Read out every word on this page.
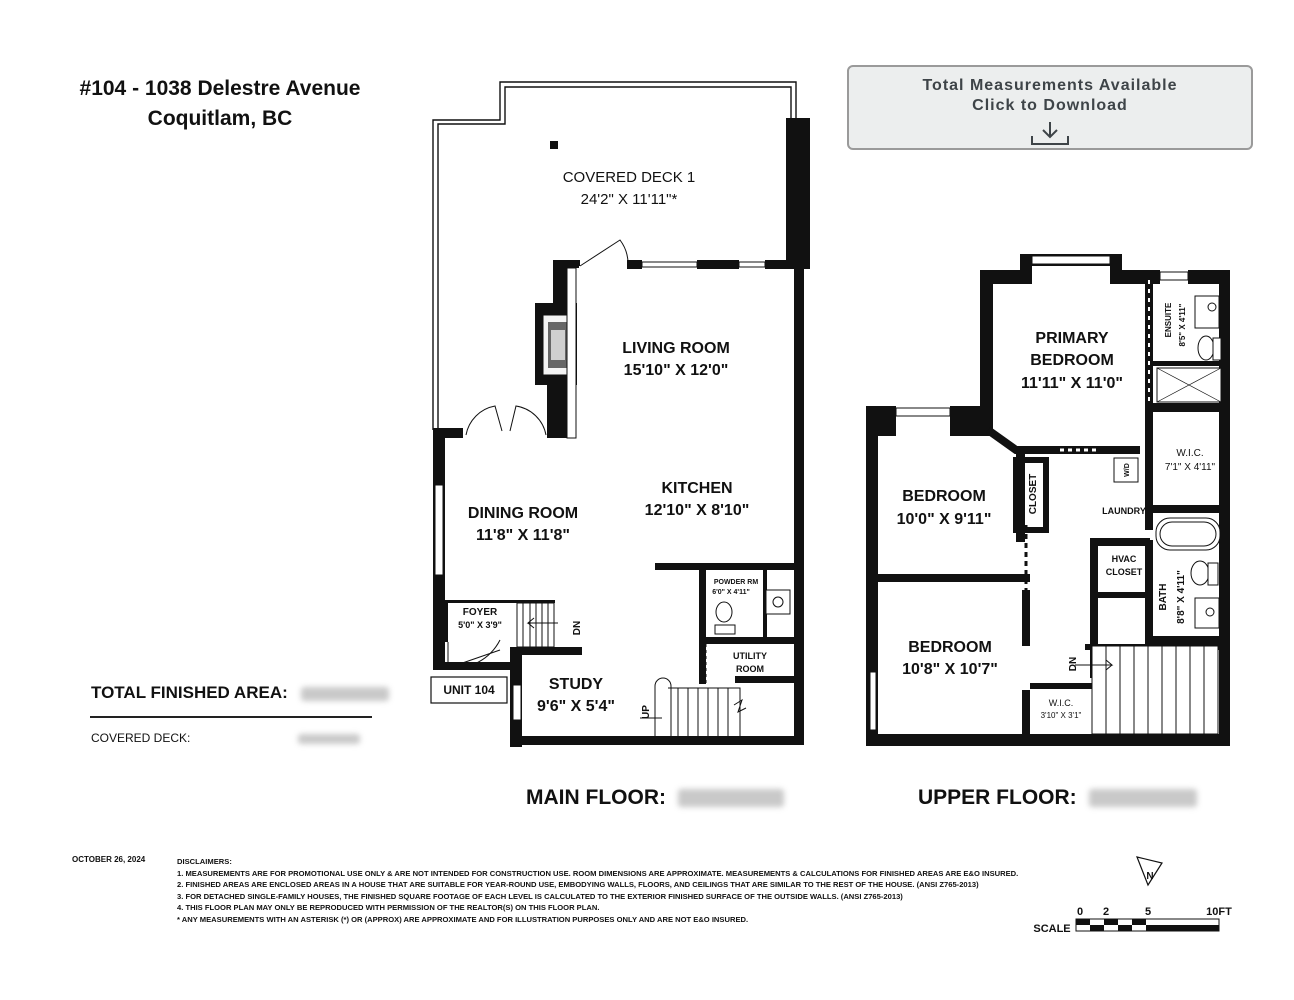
#104 - 1038 Delestre Avenue
Coquitlam, BC
Total Measurements Available
Click to Download
COVERED DECK 1
24'2" X 11'11"*
LIVING ROOM
15'10" X 12'0"
KITCHEN
12'10" X 8'10"
DINING ROOM
11'8" X 11'8"
POWDER RM
6'0" X 4'11"
FOYER
5'0" X 3'9"	DN
UTILITY
ROOM
STUDY
9'6" X 5'4"	UP
UNIT 104
PRIMARY
BEDROOM
11'11" X 11'0"
ENSUITE 8'5" X 4'11"
W.I.C.
7'1" X 4'11"
BEDROOM
10'0" X 9'11"
CLOSET
W/D
LAUNDRY
HVAC
CLOSET
BATH 8'8" X 4'11"
BEDROOM
10'8" X 10'7"
W.I.C.
3'10" X 3'1"
DN
N
0 2	5	10FT
SCALE
TOTAL FINISHED AREA:
COVERED DECK:
MAIN FLOOR:	UPPER FLOOR:
OCTOBER 26, 2024	DISCLAIMERS:
1. MEASUREMENTS ARE FOR PROMOTIONAL USE ONLY & ARE NOT INTENDED FOR CONSTRUCTION USE. ROOM DIMENSIONS ARE APPROXIMATE. MEASUREMENTS & CALCULATIONS FOR FINISHED AREAS ARE E&O INSURED.
2. FINISHED AREAS ARE ENCLOSED AREAS IN A HOUSE THAT ARE SUITABLE FOR YEAR-ROUND USE, EMBODYING WALLS, FLOORS, AND CEILINGS THAT ARE SIMILAR TO THE REST OF THE HOUSE. (ANSI Z765-2013)
3. FOR DETACHED SINGLE-FAMILY HOUSES, THE FINISHED SQUARE FOOTAGE OF EACH LEVEL IS CALCULATED TO THE EXTERIOR FINISHED SURFACE OF THE OUTSIDE WALLS. (ANSI Z765-2013)
4. THIS FLOOR PLAN MAY ONLY BE REPRODUCED WITH PERMISSION OF THE REALTOR(S) ON THIS FLOOR PLAN.
* ANY MEASUREMENTS WITH AN ASTERISK (*) OR (APPROX) ARE APPROXIMATE AND FOR ILLUSTRATION PURPOSES ONLY AND ARE NOT E&O INSURED.
